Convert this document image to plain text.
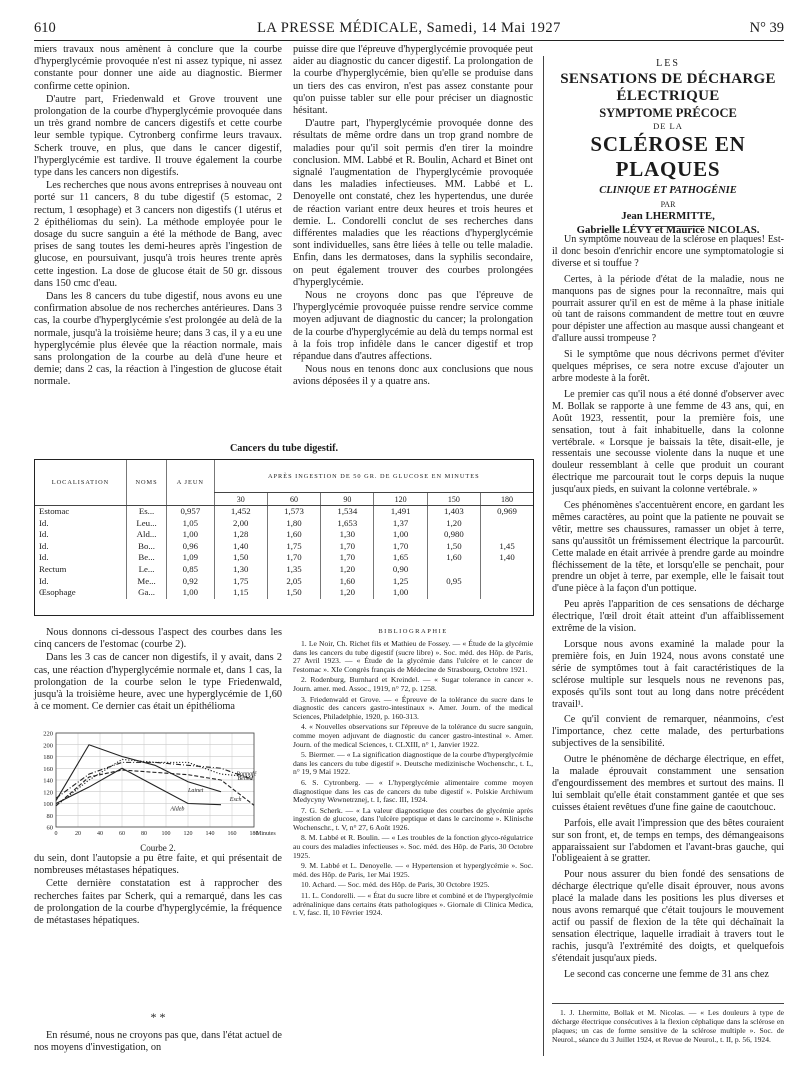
610	LA PRESSE MÉDICALE, Samedi, 14 Mai 1927	N° 39

miers travaux nous amènent à conclure que la courbe d'hyperglycémie provoquée n'est ni assez typique, ni assez constante pour donner une aide au diagnostic. Biermer confirme cette opinion.

D'autre part, Friedenwald et Grove trouvent une prolongation de la courbe d'hyperglycémie provoquée dans un très grand nombre de cancers digestifs et cette courbe leur semble typique. Cytronberg confirme leurs travaux. Scherk trouve, en plus, que dans le cancer digestif, l'hyperglycémie est tardive. Il trouve également la courbe type dans les cancers non digestifs.

Les recherches que nous avons entreprises à nouveau ont porté sur 11 cancers, 8 du tube digestif (5 estomac, 2 rectum, 1 œsophage) et 3 cancers non digestifs (1 utérus et 2 épithéliomas du sein). La méthode employée pour le dosage du sucre sanguin a été la méthode de Bang, avec prises de sang toutes les demi-heures après l'ingestion de glucose, en poursuivant, jusqu'à trois heures trente après cette ingestion. La dose de glucose était de 50 gr. dissous dans 150 cmc d'eau.

Dans les 8 cancers du tube digestif, nous avons eu une confirmation absolue de nos recherches antérieures. Dans 3 cas, la courbe d'hyperglycémie s'est prolongée au delà de la normale, jusqu'à la troisième heure; dans 3 cas, il y a eu une hyperglycémie plus élevée que la réaction normale, mais sans prolongation de la courbe au delà d'une heure et demie; dans 2 cas, la réaction à l'ingestion de glucose était normale.

puisse dire que l'épreuve d'hyperglycémie provoquée peut aider au diagnostic du cancer digestif. La prolongation de la courbe d'hyperglycémie, bien qu'elle se produise dans un tiers des cas environ, n'est pas assez constante pour qu'on puisse tabler sur elle pour préciser un diagnostic hésitant.

D'autre part, l'hyperglycémie provoquée donne des résultats de même ordre dans un trop grand nombre de maladies pour qu'il soit permis d'en tirer la moindre conclusion. MM. Labbé et R. Boulin, Achard et Binet ont signalé l'augmentation de l'hyperglycémie provoquée dans les maladies infectieuses. MM. Labbé et L. Denoyelle ont constaté, chez les hypertendus, une durée de réaction variant entre deux heures et trois heures et demie. L. Condorelli conclut de ses recherches dans différentes maladies que les réactions d'hyperglycémie sont individuelles, sans être liées à telle ou telle maladie. Enfin, dans les dermatoses, dans la syphilis secondaire, on peut également trouver des courbes prolongées d'hyperglycémie.

Nous ne croyons donc pas que l'épreuve de l'hyperglycémie provoquée puisse rendre service comme moyen adjuvant de diagnostic du cancer; la prolongation de la courbe d'hyperglycémie au delà du temps normal est à la fois trop infidèle dans le cancer digestif et trop répandue dans d'autres affections.

Nous nous en tenons donc aux conclusions que nous avions déposées il y a quatre ans.

Cancers du tube digestif.
LOCALISATION	NOMS	A JEUN	APRÈS INGESTION DE 50 GR. DE GLUCOSE EN MINUTES					
			30	60	90	120	150	180
Estomac	Es...	0,957	1,452	1,573	1,534	1,491	1,403	0,969
Id.	Leu...	1,05	2,00	1,80	1,653	1,37	1,20	
Id.	Ald...	1,00	1,28	1,60	1,30	1,00	0,980	
Id.	Bo...	0,96	1,40	1,75	1,70	1,70	1,50	1,45
Id.	Be...	1,09	1,50	1,70	1,70	1,65	1,60	1,40
Rectum	Le...	0,85	1,30	1,35	1,20	0,90		
Id.	Me...	0,92	1,75	2,05	1,60	1,25	0,95	
Œsophage	Ga...	1,00	1,15	1,50	1,20	1,00		

Nous donnons ci-dessous l'aspect des courbes dans les cinq cancers de l'estomac (courbe 2).

Dans les 3 cas de cancer non digestifs, il y avait, dans 2 cas, une réaction d'hyperglycémie normale et, dans 1 cas, la prolongation de la courbe selon le type Friedenwald, jusqu'à la troisième heure, avec une hyperglycémie de 1,60 à ce moment. Ce dernier cas était un épithélioma

60
80
100
120
140
160
180
200
220
0	20	40	60	80 100 120 140 160 180
Minutes
Bonnafé
Benod
Lainet
Esch
Aldeb
Courbe 2.

du sein, dont l'autopsie a pu être faite, et qui présentait de nombreuses métastases hépatiques.

Cette dernière constatation est à rapprocher des recherches faites par Scherk, qui a remarqué, dans les cas de prolongation de la courbe d'hyperglycémie, la fréquence de métastases hépatiques.

* *

En résumé, nous ne croyons pas que, dans l'état actuel de nos moyens d'investigation, on

BIBLIOGRAPHIE

1. Le Noir, Ch. Richet fils et Mathieu de Fossey. — « Étude de la glycémie dans les cancers du tube digestif (sucre libre) ». Soc. méd. des Hôp. de Paris, 27 Avril 1923. — « Étude de la glycémie dans l'ulcère et le cancer de l'estomac ». XIe Congrès français de Médecine de Strasbourg, Octobre 1921.

2. Rodenburg, Burnhard et Kreindel. — « Sugar tolerance in cancer ». Journ. amer. med. Assoc., 1919, n° 72, p. 1258.

3. Friedenwald et Grove. — « Épreuve de la tolérance du sucre dans le diagnostic des cancers gastro-intestinaux ». Amer. Journ. of the medical Sciences, Philadelphie, 1920, p. 160-313.

4. « Nouvelles observations sur l'épreuve de la tolérance du sucre sanguin, comme moyen adjuvant de diagnostic du cancer gastro-intestinal ». Amer. Journ. of the medical Sciences, t. CLXIII, n° 1, Janvier 1922.

5. Biermer. — « La signification diagnostique de la courbe d'hyperglycémie dans les cancers du tube digestif ». Deutsche medizinische Wochenschr., t. L, n° 19, 9 Mai 1922.

6. S. Cytronberg. — « L'hyperglycémie alimentaire comme moyen diagnostique dans les cas de cancers du tube digestif ». Polskie Archiwum Medycyny Wewnetrznej, t. I, fasc. III, 1924.

7. G. Scherk. — « La valeur diagnostique des courbes de glycémie après ingestion de glucose, dans l'ulcère peptique et dans le carcinome ». Klinische Wochenschr., t. V, n° 27, 6 Août 1926.

8. M. Labbé et R. Boulin. — « Les troubles de la fonction glyco-régulatrice au cours des maladies infectieuses ». Soc. méd. des Hôp. de Paris, 30 Octobre 1925.

9. M. Labbé et L. Denoyelle. — « Hypertension et hyperglycémie ». Soc. méd. des Hôp. de Paris, 1er Mai 1925.

10. Achard. — Soc. méd. des Hôp. de Paris, 30 Octobre 1925.

11. L. Condorelli. — « État du sucre libre et combiné et de l'hyperglycémie adrénalinique dans certains états pathologiques ». Giornale di Clinica Medica, t. V, fasc. II, 10 Février 1924.

LES
SENSATIONS DE DÉCHARGE ÉLECTRIQUE
SYMPTOME PRÉCOCE
DE LA
SCLÉROSE EN PLAQUES
CLINIQUE ET PATHOGÉNIE
PAR
Jean LHERMITTE,
Gabrielle LÉVY et Maurice NICOLAS.

Un symptôme nouveau de la sclérose en plaques! Est-il donc besoin d'enrichir encore une symptomatologie si diverse et si touffue ?

Certes, à la période d'état de la maladie, nous ne manquons pas de signes pour la reconnaître, mais qui pourrait assurer qu'il en est de même à la phase initiale où tant de raisons commandent de mettre tout en œuvre pour dépister une affection au masque aussi changeant et d'allure aussi trompeuse ?

Si le symptôme que nous décrivons permet d'éviter quelques méprises, ce sera notre excuse d'ajouter un arbre modeste à la forêt.

Le premier cas qu'il nous a été donné d'observer avec M. Bollak se rapporte à une femme de 43 ans, qui, en Août 1923, ressentit, pour la première fois, une sensation, tout à fait inhabituelle, dans la colonne vertébrale. « Lorsque je baissais la tête, disait-elle, je ressentais une secousse violente dans la nuque et une douleur ressemblant à celle que produit un courant électrique me parcourait tout le corps depuis la nuque jusqu'aux pieds, en suivant la colonne vertébrale. »

Ces phénomènes s'accentuèrent encore, en gardant les mêmes caractères, au point que la patiente ne pouvait se vêtir, mettre ses chaussures, ramasser un objet à terre, sans qu'aussitôt un frémissement électrique la parcourût. Cette malade en était arrivée à prendre garde au moindre fléchissement de la tête, et lorsqu'elle se penchait, pour prendre un objet à terre, par exemple, elle le faisait tout d'une pièce à la façon d'un pottique.

Peu après l'apparition de ces sensations de décharge électrique, l'œil droit était atteint d'un affaiblissement extrême de la vision.

Lorsque nous avons examiné la malade pour la première fois, en Juin 1924, nous avons constaté une série de symptômes tout à fait caractéristiques de la sclérose multiple sur lesquels nous ne revenons pas, exposés qu'ils sont tout au long dans notre précédent travail¹.

Ce qu'il convient de remarquer, néanmoins, c'est l'importance, chez cette malade, des perturbations subjectives de la sensibilité.

Outre le phénomène de décharge électrique, en effet, la malade éprouvait constamment une sensation d'engourdissement des membres et surtout des mains. Il lui semblait qu'elle était constamment gantée et que ses cuisses étaient revêtues d'une fine gaine de caoutchouc.

Parfois, elle avait l'impression que des bêtes couraient sur son front, et, de temps en temps, des démangeaisons apparaissaient sur l'abdomen et l'avant-bras gauche, qui l'obligeaient à se gratter.

Pour nous assurer du bien fondé des sensations de décharge électrique qu'elle disait éprouver, nous avons placé la malade dans les positions les plus diverses et nous avons remarqué que c'était toujours le mouvement actif ou passif de flexion de la tête qui déchaînait la sensation électrique, laquelle irradiait à travers tout le rachis, jusqu'à l'extrémité des doigts, et quelquefois s'étendait jusqu'aux pieds.

Le second cas concerne une femme de 31 ans chez

1. J. Lhermitte, Bollak et M. Nicolas. — « Les douleurs à type de décharge électrique consécutives à la flexion céphalique dans la sclérose en plaques; un cas de forme sensitive de la sclérose multiple ». Soc. de Neurol., séance du 3 Juillet 1924, et Revue de Neurol., t. II, p. 56, 1924.
